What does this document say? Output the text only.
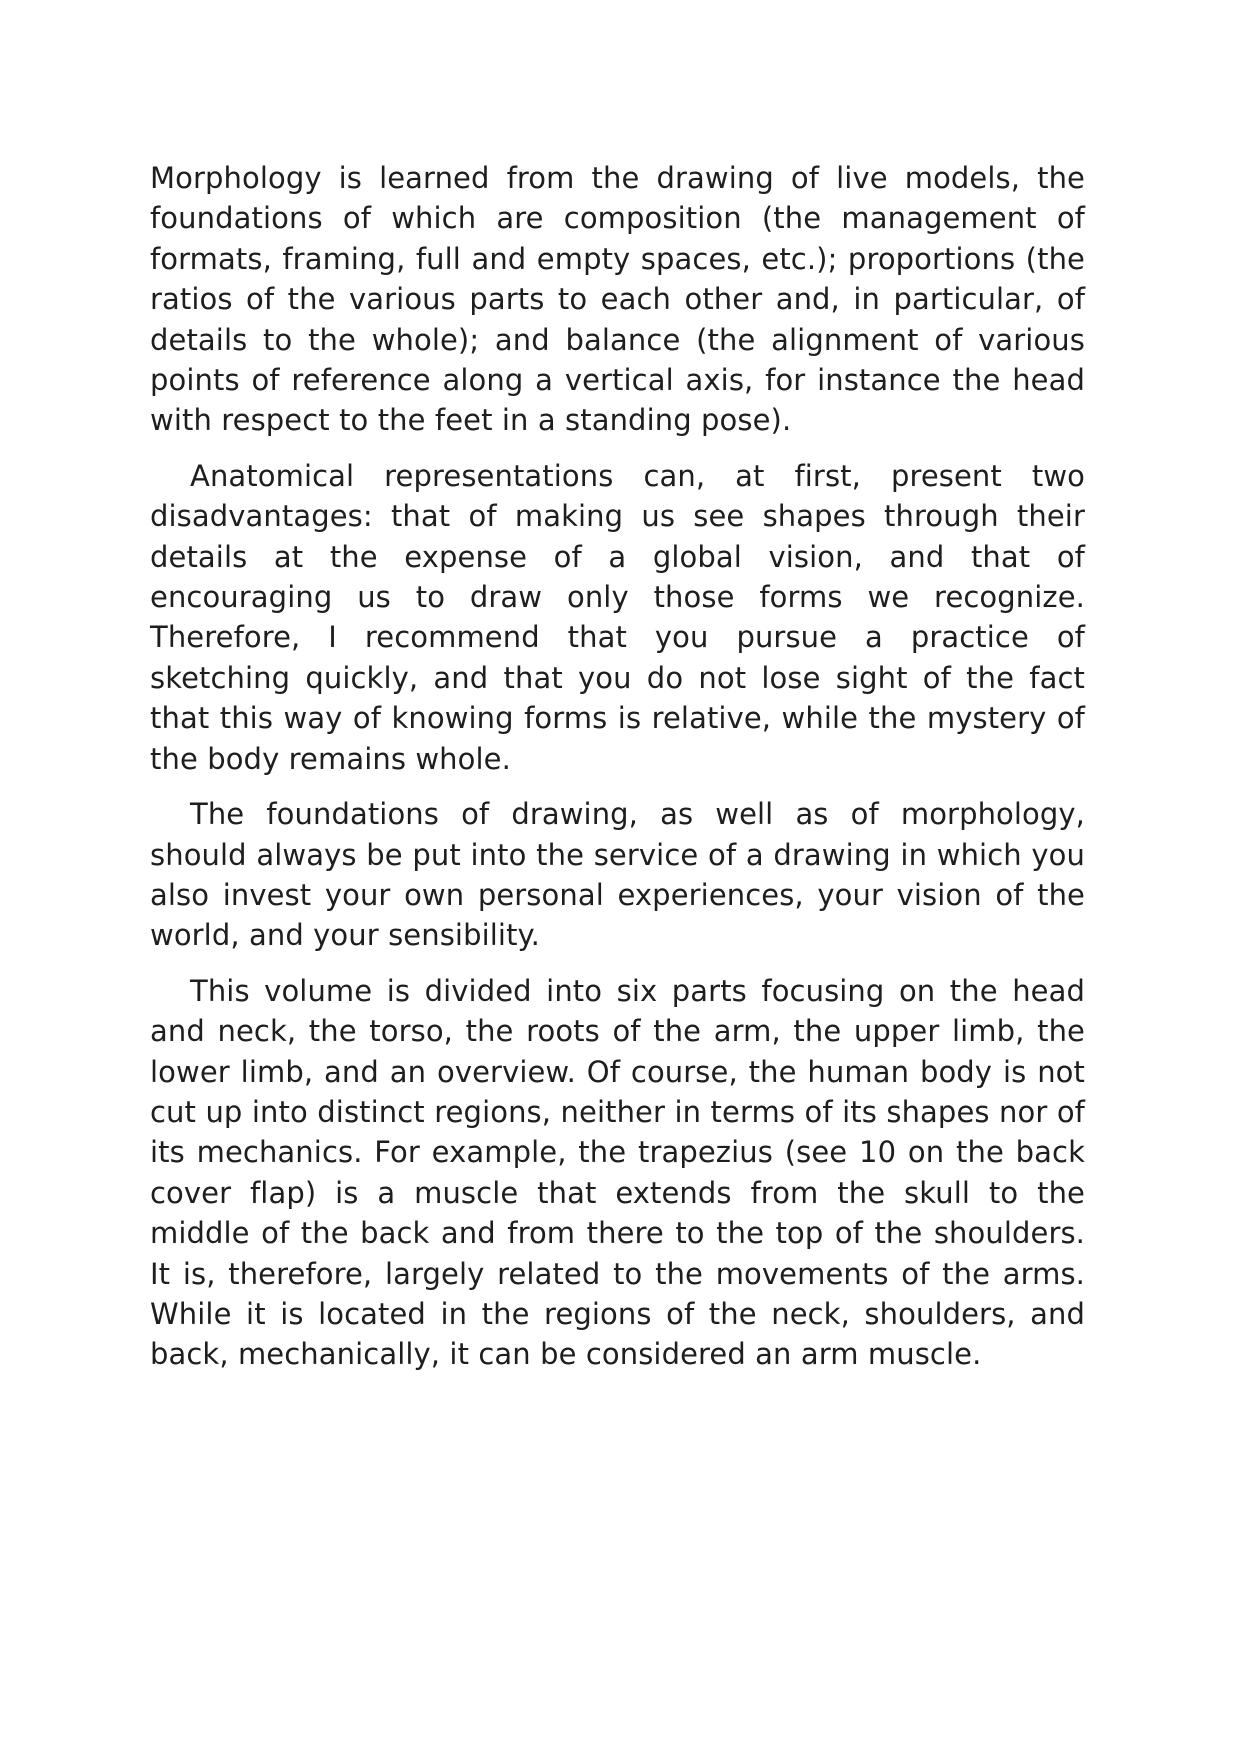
Morphology is learned from the drawing of live models, the foundations of which are composition (the management of formats, framing, full and empty spaces, etc.); proportions (the ratios of the various parts to each other and, in particular, of details to the whole); and balance (the alignment of various points of reference along a vertical axis, for instance the head with respect to the feet in a standing pose).

Anatomical representations can, at first, present two disadvantages: that of making us see shapes through their details at the expense of a global vision, and that of encouraging us to draw only those forms we recognize. Therefore, I recommend that you pursue a practice of sketching quickly, and that you do not lose sight of the fact that this way of knowing forms is relative, while the mystery of the body remains whole.

The foundations of drawing, as well as of morphology, should always be put into the service of a drawing in which you also invest your own personal experiences, your vision of the world, and your sensibility.

This volume is divided into six parts focusing on the head and neck, the torso, the roots of the arm, the upper limb, the lower limb, and an overview. Of course, the human body is not cut up into distinct regions, neither in terms of its shapes nor of its mechanics. For example, the trapezius (see 10 on the back cover flap) is a muscle that extends from the skull to the middle of the back and from there to the top of the shoulders. It is, therefore, largely related to the movements of the arms. While it is located in the regions of the neck, shoulders, and back, mechanically, it can be considered an arm muscle.
